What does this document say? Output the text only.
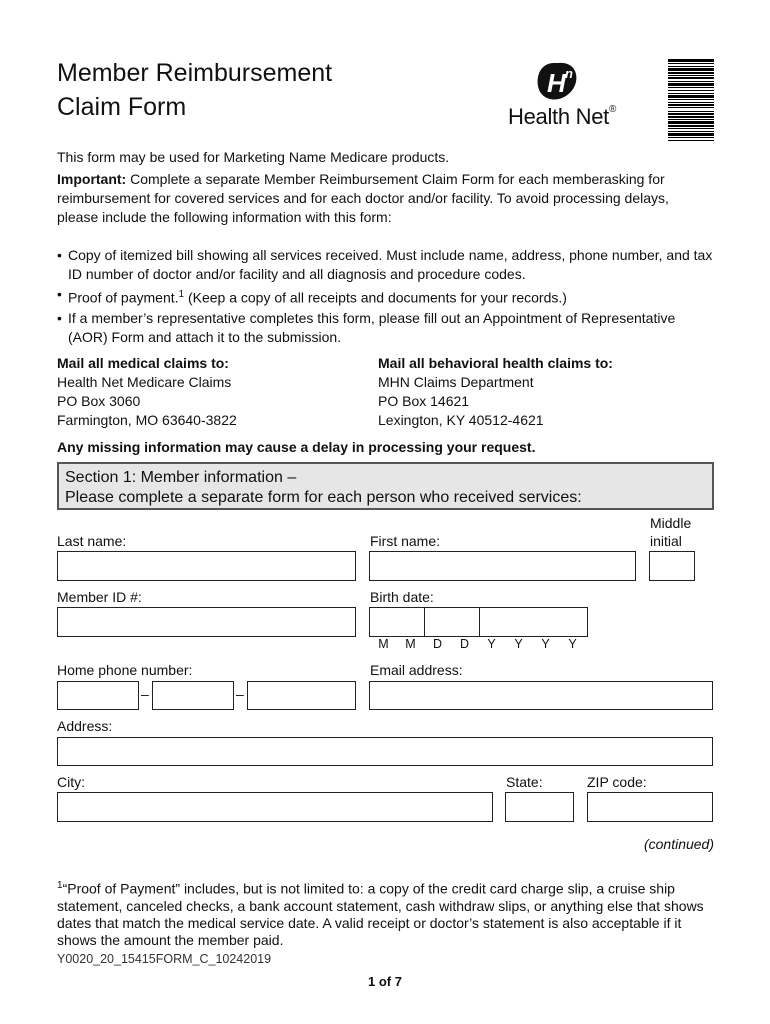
Member Reimbursement
Claim Form
H n
Health Net®
This form may be used for Marketing Name Medicare products.
Important: Complete a separate Member Reimbursement Claim Form for each memberasking for reimbursement for covered services and for each doctor and/or facility. To avoid processing delays, please include the following information with this form:
• Copy of itemized bill showing all services received. Must include name, address, phone number, and tax ID number of doctor and/or facility and all diagnosis and procedure codes.
• Proof of payment.$^1$ (Keep a copy of all receipts and documents for your records.)
• If a member’s representative completes this form, please fill out an Appointment of Representative (AOR) Form and attach it to the submission.
Mail all medical claims to:
Health Net Medicare Claims
PO Box 3060
Farmington, MO 63640-3822
Mail all behavioral health claims to:
MHN Claims Department
PO Box 14621
Lexington, KY 40512-4621
Any missing information may cause a delay in processing your request.
Section 1: Member information –
Please complete a separate form for each person who received services:
Last name:	First name:
Middle
initial
Member ID #:	Birth date:
M M D D Y Y Y Y
Home phone number:	Email address:
–	–
Address:
City:	State:	ZIP code:
(continued)
$^1$“Proof of Payment” includes, but is not limited to: a copy of the credit card charge slip, a cruise ship statement, canceled checks, a bank account statement, cash withdraw slips, or anything else that shows dates that match the medical service date. A valid receipt or doctor’s statement is also acceptable if it shows the amount the member paid.
Y0020_20_15415FORM_C_10242019
1 of 7
